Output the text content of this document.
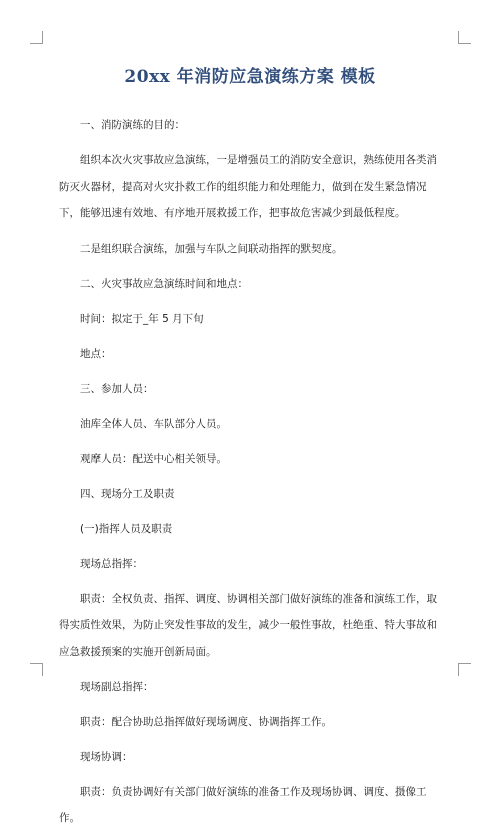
20xx 年消防应急演练方案 模板

一、消防演练的目的：

组织本次火灾事故应急演练，一是增强员工的消防安全意识，熟练使用各类消防灭火器材，提高对火灾扑救工作的组织能力和处理能力，做到在发生紧急情况下，能够迅速有效地、有序地开展救援工作，把事故危害减少到最低程度。

二是组织联合演练，加强与车队之间联动指挥的默契度。

二、火灾事故应急演练时间和地点：

时间：拟定于_年 5 月下旬

地点：

三、参加人员：

油库全体人员、车队部分人员。

观摩人员：配送中心相关领导。

四、现场分工及职责

(一)指挥人员及职责

现场总指挥：

职责：全权负责、指挥、调度、协调相关部门做好演练的准备和演练工作，取得实质性效果，为防止突发性事故的发生，减少一般性事故，杜绝重、特大事故和应急救援预案的实施开创新局面。

现场副总指挥：

职责：配合协助总指挥做好现场调度、协调指挥工作。

现场协调：

职责：负责协调好有关部门做好演练的准备工作及现场协调、调度、摄像工作。
